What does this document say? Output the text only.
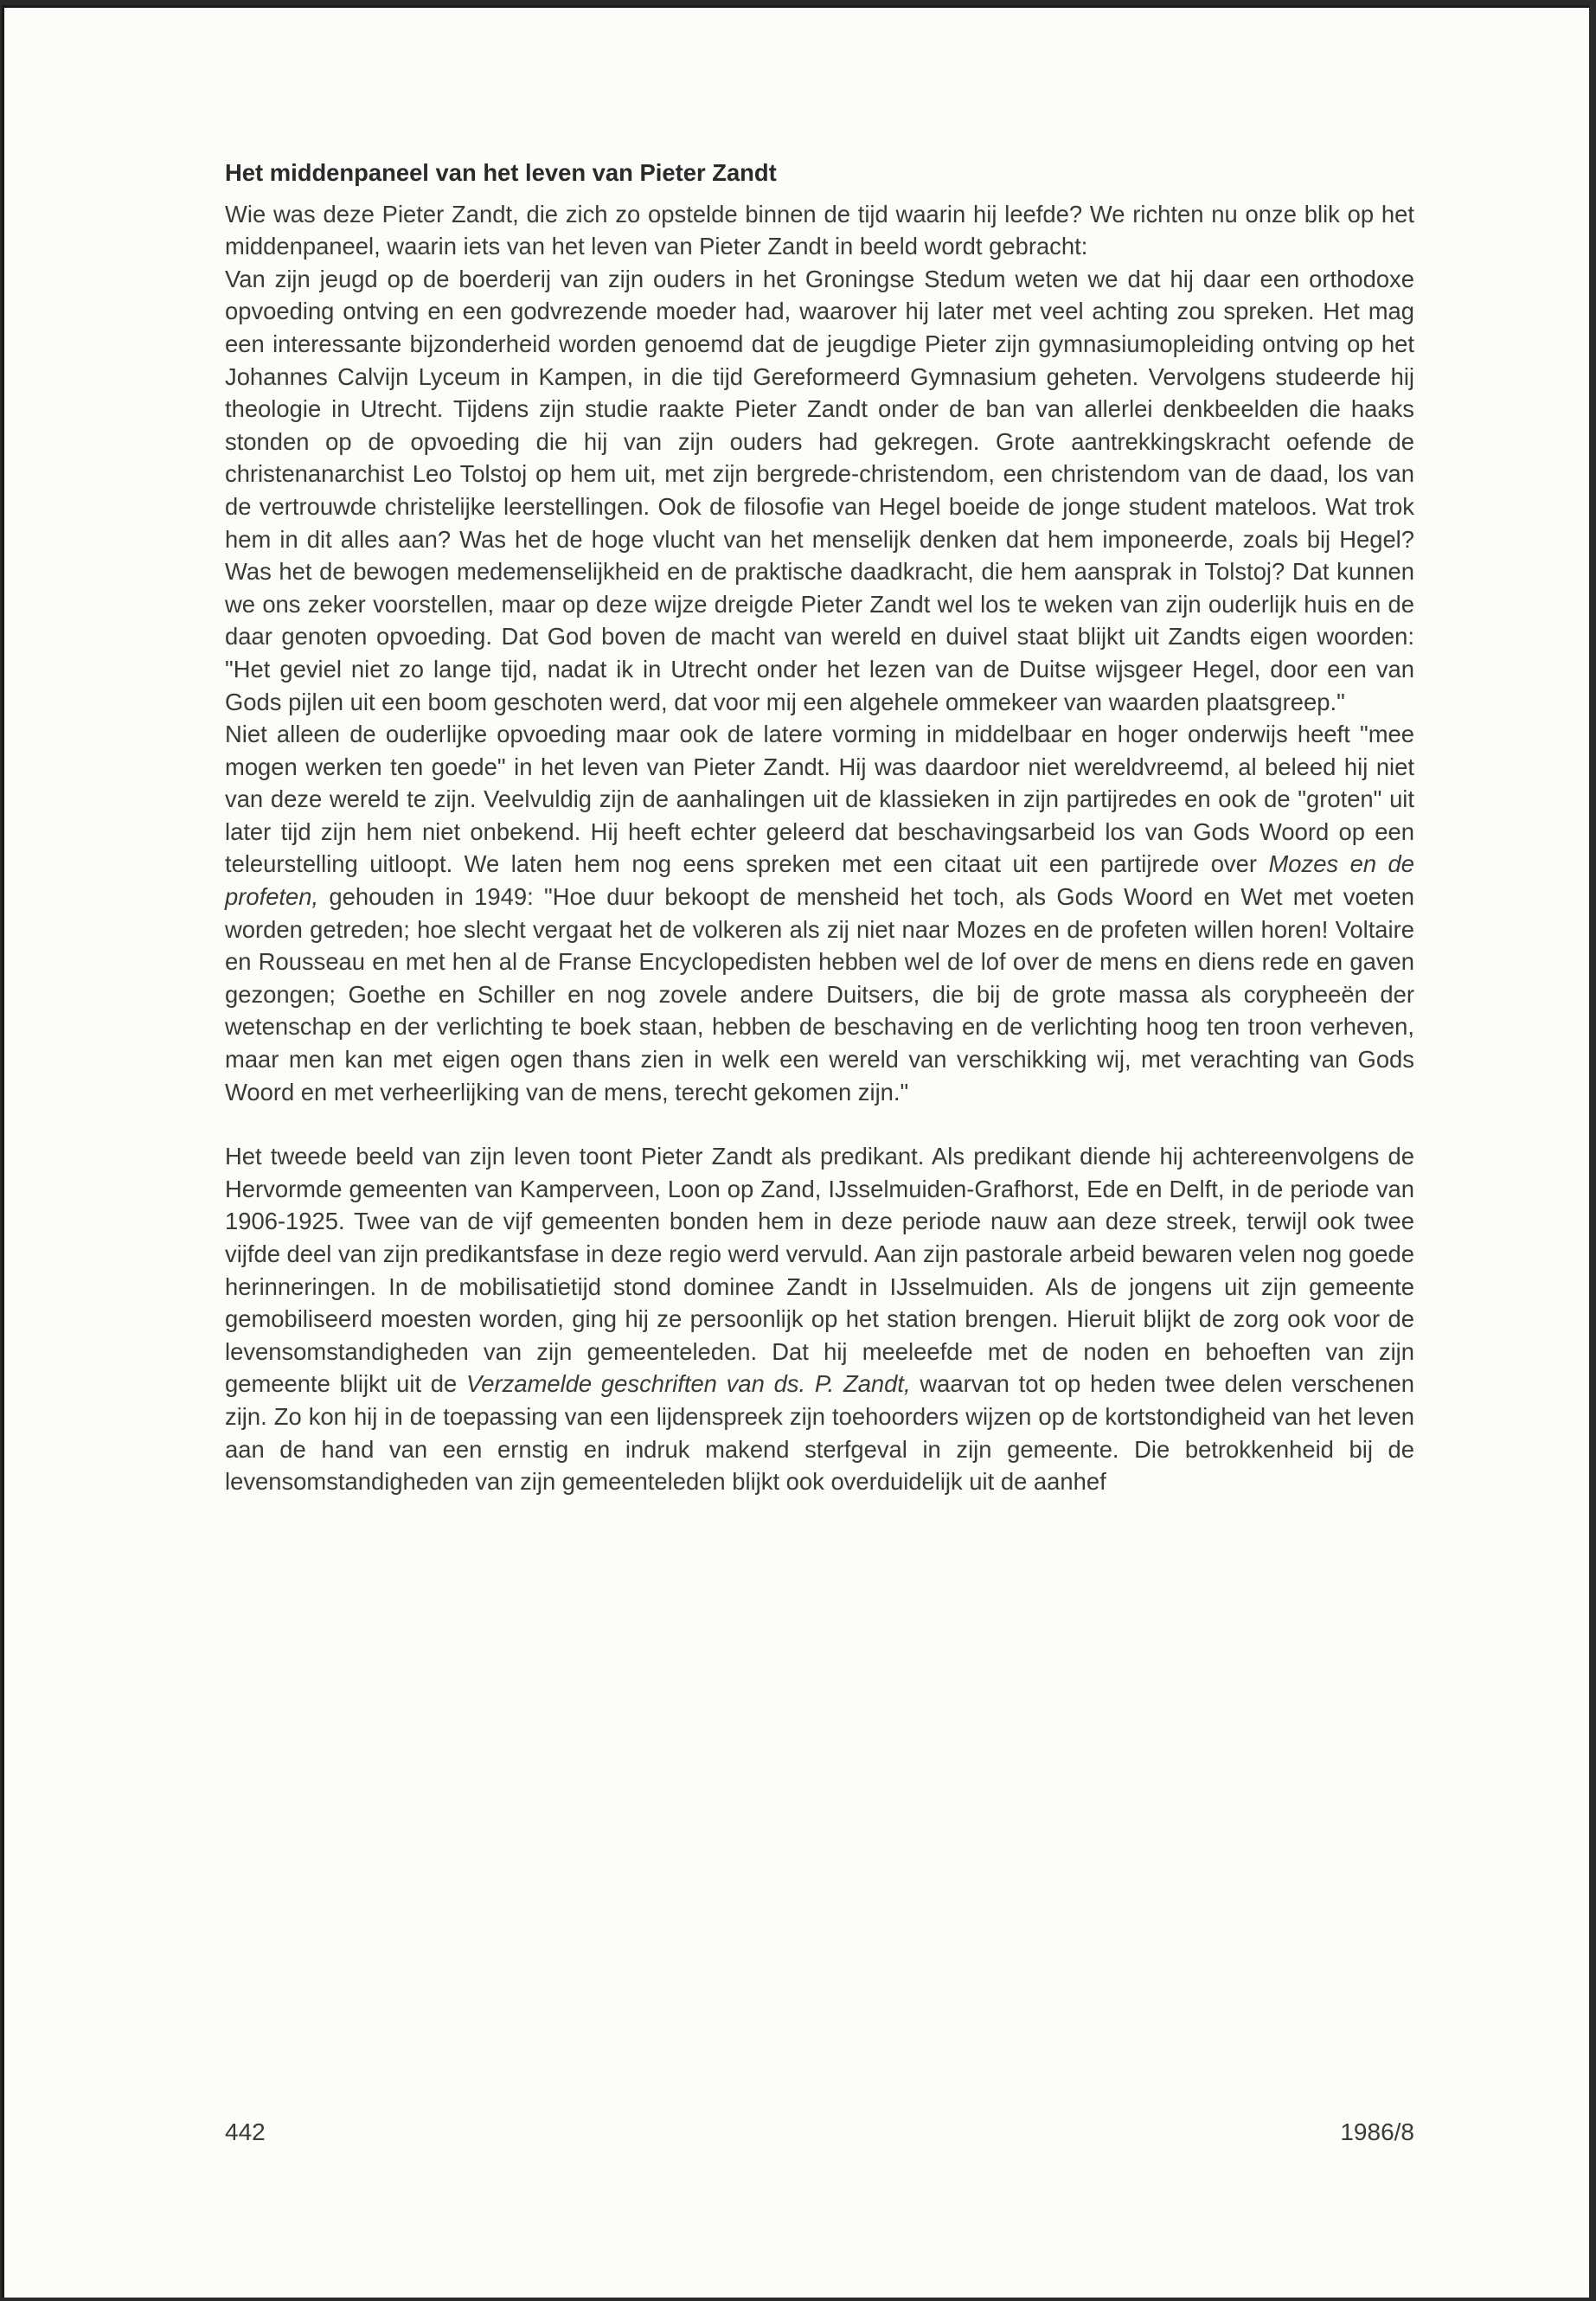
Het middenpaneel van het leven van Pieter Zandt

Wie was deze Pieter Zandt, die zich zo opstelde binnen de tijd waarin hij leefde? We richten nu onze blik op het middenpaneel, waarin iets van het leven van Pieter Zandt in beeld wordt gebracht:

Van zijn jeugd op de boerderij van zijn ouders in het Groningse Stedum weten we dat hij daar een orthodoxe opvoeding ontving en een godvrezende moeder had, waarover hij later met veel achting zou spreken. Het mag een interessante bijzonderheid worden genoemd dat de jeugdige Pieter zijn gymnasiumopleiding ontving op het Johannes Calvijn Lyceum in Kampen, in die tijd Gereformeerd Gymnasium geheten. Vervolgens studeerde hij theologie in Utrecht. Tijdens zijn studie raakte Pieter Zandt onder de ban van allerlei denkbeelden die haaks stonden op de opvoeding die hij van zijn ouders had gekregen. Grote aantrekkingskracht oefende de christenanarchist Leo Tolstoj op hem uit, met zijn bergrede-christendom, een christendom van de daad, los van de vertrouwde christelijke leerstellingen. Ook de filosofie van Hegel boeide de jonge student mateloos. Wat trok hem in dit alles aan? Was het de hoge vlucht van het menselijk denken dat hem imponeerde, zoals bij Hegel? Was het de bewogen medemenselijkheid en de praktische daadkracht, die hem aansprak in Tolstoj? Dat kunnen we ons zeker voorstellen, maar op deze wijze dreigde Pieter Zandt wel los te weken van zijn ouderlijk huis en de daar genoten opvoeding. Dat God boven de macht van wereld en duivel staat blijkt uit Zandts eigen woorden: "Het geviel niet zo lange tijd, nadat ik in Utrecht onder het lezen van de Duitse wijsgeer Hegel, door een van Gods pijlen uit een boom geschoten werd, dat voor mij een algehele ommekeer van waarden plaatsgreep."

Niet alleen de ouderlijke opvoeding maar ook de latere vorming in middelbaar en hoger onderwijs heeft "mee mogen werken ten goede" in het leven van Pieter Zandt. Hij was daardoor niet wereldvreemd, al beleed hij niet van deze wereld te zijn. Veelvuldig zijn de aanhalingen uit de klassieken in zijn partijredes en ook de "groten" uit later tijd zijn hem niet onbekend. Hij heeft echter geleerd dat beschavingsarbeid los van Gods Woord op een teleurstelling uitloopt. We laten hem nog eens spreken met een citaat uit een partijrede over Mozes en de profeten, gehouden in 1949: "Hoe duur bekoopt de mensheid het toch, als Gods Woord en Wet met voeten worden getreden; hoe slecht vergaat het de volkeren als zij niet naar Mozes en de profeten willen horen! Voltaire en Rousseau en met hen al de Franse Encyclopedisten hebben wel de lof over de mens en diens rede en gaven gezongen; Goethe en Schiller en nog zovele andere Duitsers, die bij de grote massa als corypheeën der wetenschap en der verlichting te boek staan, hebben de beschaving en de verlichting hoog ten troon verheven, maar men kan met eigen ogen thans zien in welk een wereld van verschikking wij, met verachting van Gods Woord en met verheerlijking van de mens, terecht gekomen zijn."

Het tweede beeld van zijn leven toont Pieter Zandt als predikant. Als predikant diende hij achtereenvolgens de Hervormde gemeenten van Kamperveen, Loon op Zand, IJsselmuiden-Grafhorst, Ede en Delft, in de periode van 1906-1925. Twee van de vijf gemeenten bonden hem in deze periode nauw aan deze streek, terwijl ook twee vijfde deel van zijn predikantsfase in deze regio werd vervuld. Aan zijn pastorale arbeid bewaren velen nog goede herinneringen. In de mobilisatietijd stond dominee Zandt in IJsselmuiden. Als de jongens uit zijn gemeente gemobiliseerd moesten worden, ging hij ze persoonlijk op het station brengen. Hieruit blijkt de zorg ook voor de levensomstandigheden van zijn gemeenteleden. Dat hij meeleefde met de noden en behoeften van zijn gemeente blijkt uit de Verzamelde geschriften van ds. P. Zandt, waarvan tot op heden twee delen verschenen zijn. Zo kon hij in de toepassing van een lijdenspreek zijn toehoorders wijzen op de kortstondigheid van het leven aan de hand van een ernstig en indruk makend sterfgeval in zijn gemeente. Die betrokkenheid bij de levensomstandigheden van zijn gemeenteleden blijkt ook overduidelijk uit de aanhef

442	1986/8
